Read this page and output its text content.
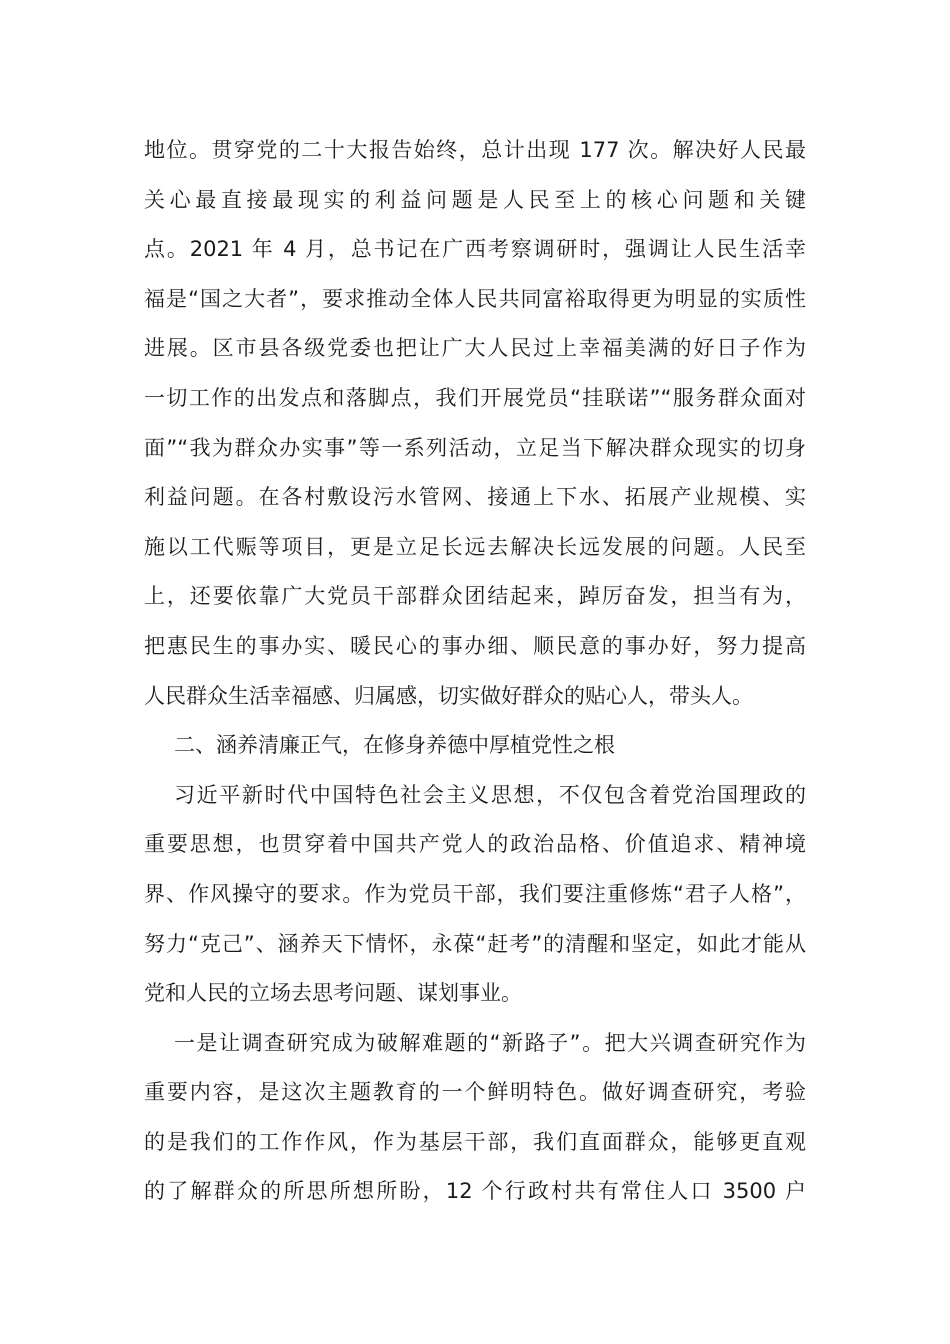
地位。贯穿党的二十大报告始终，总计出现 177 次。解决好人民最
关心最直接最现实的利益问题是人民至上的核心问题和关键
点。2021 年 4 月，总书记在广西考察调研时，强调让人民生活幸
福是“国之大者”，要求推动全体人民共同富裕取得更为明显的实质性
进展。区市县各级党委也把让广大人民过上幸福美满的好日子作为
一切工作的出发点和落脚点，我们开展党员“挂联诺”“服务群众面对
面”“我为群众办实事”等一系列活动，立足当下解决群众现实的切身
利益问题。在各村敷设污水管网、接通上下水、拓展产业规模、实
施以工代赈等项目，更是立足长远去解决长远发展的问题。人民至
上，还要依靠广大党员干部群众团结起来，踔厉奋发，担当有为，
把惠民生的事办实、暖民心的事办细、顺民意的事办好，努力提高
人民群众生活幸福感、归属感，切实做好群众的贴心人，带头人。
二、涵养清廉正气，在修身养德中厚植党性之根
习近平新时代中国特色社会主义思想，不仅包含着党治国理政的
重要思想，也贯穿着中国共产党人的政治品格、价值追求、精神境
界、作风操守的要求。作为党员干部，我们要注重修炼“君子人格”，
努力“克己”、涵养天下情怀，永葆“赶考”的清醒和坚定，如此才能从
党和人民的立场去思考问题、谋划事业。
一是让调查研究成为破解难题的“新路子”。把大兴调查研究作为
重要内容，是这次主题教育的一个鲜明特色。做好调查研究，考验
的是我们的工作作风，作为基层干部，我们直面群众，能够更直观
的了解群众的所思所想所盼，12 个行政村共有常住人口 3500 户
